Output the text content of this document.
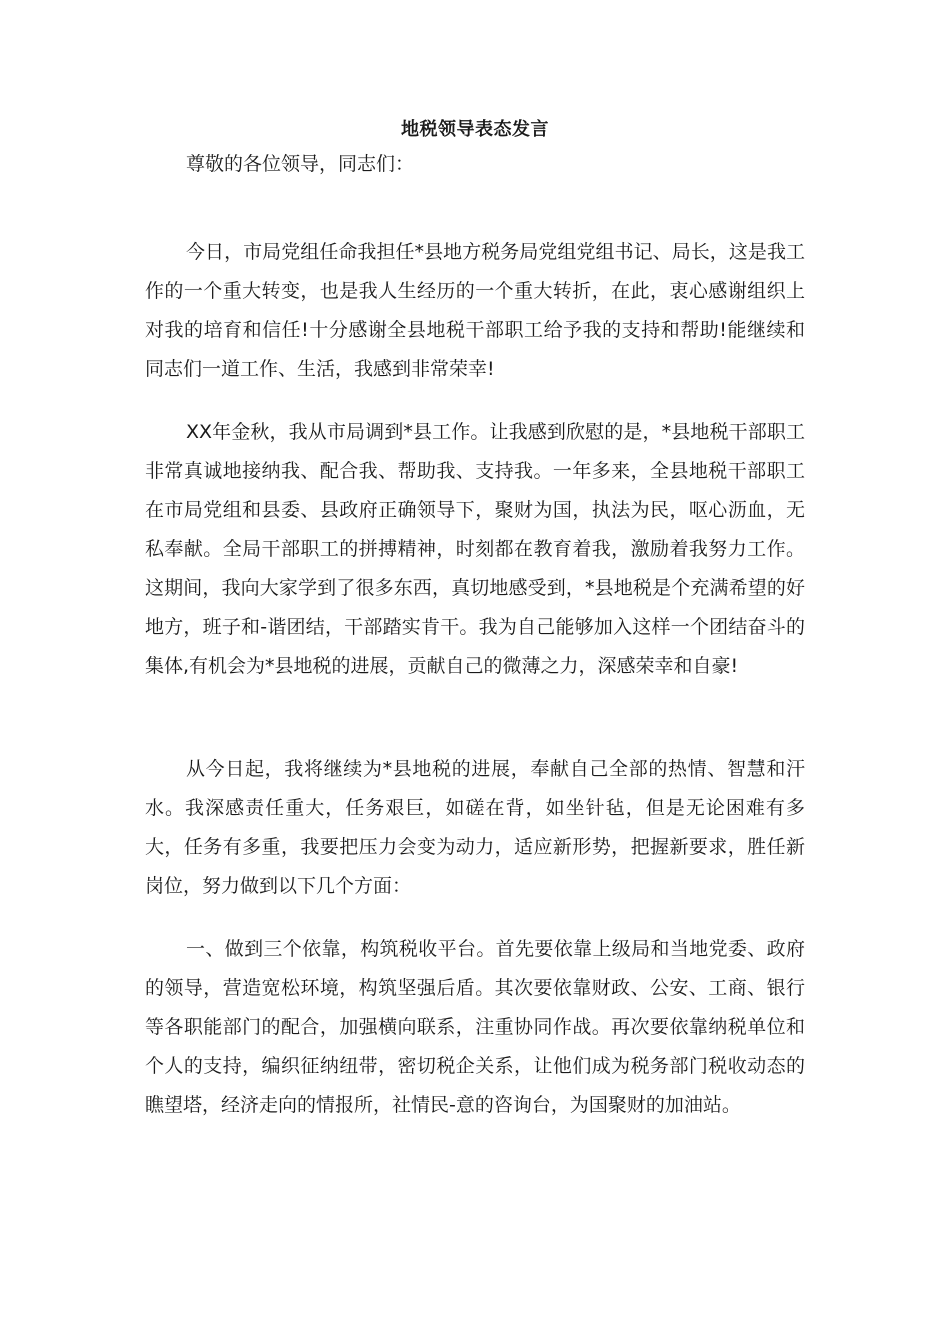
地税领导表态发言

尊敬的各位领导，同志们：

今日，市局党组任命我担任*县地方税务局党组党组书记、局长，这是我工作的一个重大转变，也是我人生经历的一个重大转折，在此，衷心感谢组织上对我的培育和信任!十分感谢全县地税干部职工给予我的支持和帮助!能继续和同志们一道工作、生活，我感到非常荣幸!

XX年金秋，我从市局调到*县工作。让我感到欣慰的是，*县地税干部职工非常真诚地接纳我、配合我、帮助我、支持我。一年多来，全县地税干部职工在市局党组和县委、县政府正确领导下，聚财为国，执法为民，呕心沥血，无私奉献。全局干部职工的拼搏精神，时刻都在教育着我，激励着我努力工作。这期间，我向大家学到了很多东西，真切地感受到，*县地税是个充满希望的好地方，班子和-谐团结，干部踏实肯干。我为自己能够加入这样一个团结奋斗的集体,有机会为*县地税的进展，贡献自己的微薄之力，深感荣幸和自豪!

从今日起，我将继续为*县地税的进展，奉献自己全部的热情、智慧和汗水。我深感责任重大，任务艰巨，如磋在背，如坐针毡，但是无论困难有多大，任务有多重，我要把压力会变为动力，适应新形势，把握新要求，胜任新岗位，努力做到以下几个方面：

一、做到三个依靠，构筑税收平台。首先要依靠上级局和当地党委、政府的领导，营造宽松环境，构筑坚强后盾。其次要依靠财政、公安、工商、银行等各职能部门的配合，加强横向联系，注重协同作战。再次要依靠纳税单位和个人的支持，编织征纳纽带，密切税企关系，让他们成为税务部门税收动态的瞧望塔，经济走向的情报所，社情民-意的咨询台，为国聚财的加油站。
